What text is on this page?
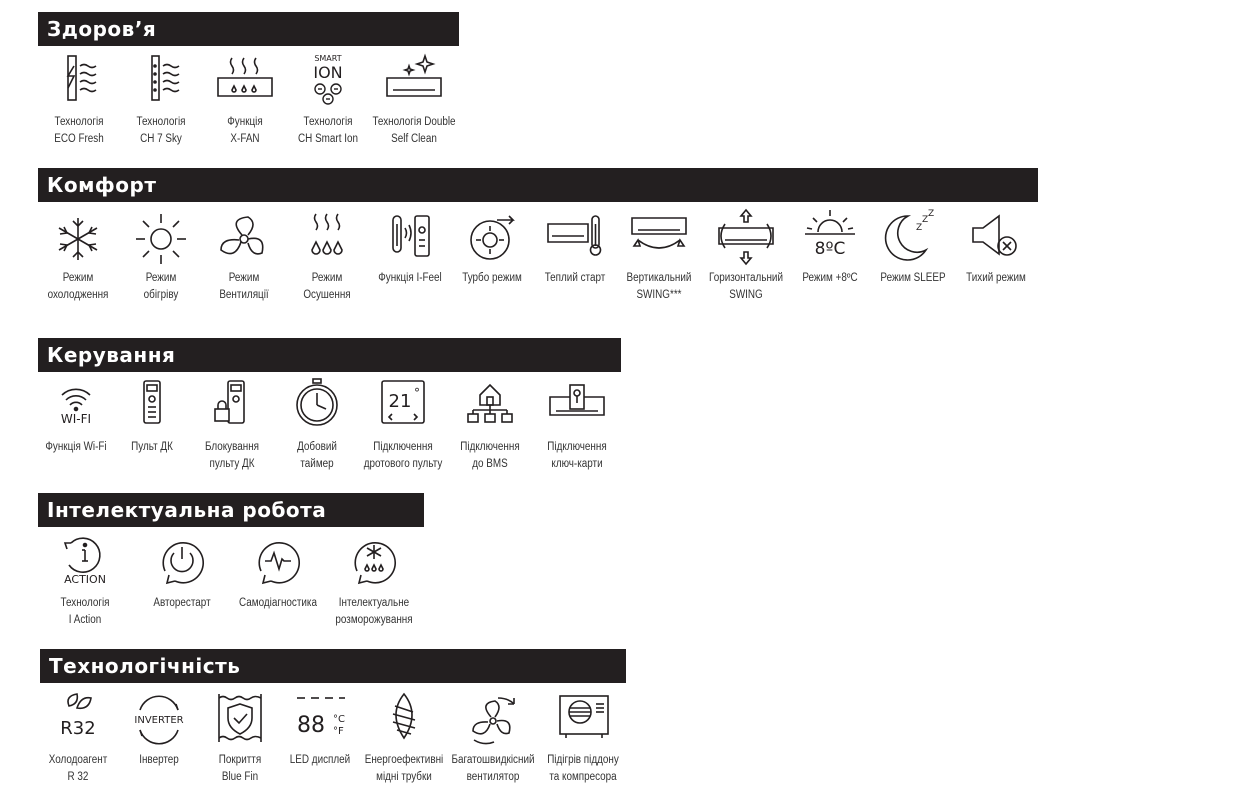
Здоров’я
Технологія
ECO Fresh
Технологія
CH 7 Sky
Функція
X-FAN
SMART
ION
Технологія
CH Smart Ion
Технологія Double
Self Clean
Комфорт
Режим
охолодження
Режим
обігріву
Режим
Вентиляції
Режим
Осушення
Функція I-Feel	Турбо режим	Теплий старт	Вертикальний
SWING***
Горизонтальний
SWING
8ºC
Режим +8ºC
Z
Z
Z
Режим SLEEP	Тихий режим
Керування
WI-FI
Функція Wi-Fi	Пульт ДК	Блокування
пульту ДК
Добовий
таймер
21 °
Підключення
дротового пульту
Підключення
до BMS
Підключення
ключ-карти
Інтелектуальна робота
ACTION
Технологія
I Action
Авторестарт	Самодіагностика	Інтелектуальне
розморожування
Технологічність
R32
Холодоагент
R 32
INVERTER
Інвертер	Покриття
Blue Fin
88 °C
°F
LED дисплей	Енергоефективні
мідні трубки
Багатошвидкісний
вентилятор
Підігрів піддону
та компресора
